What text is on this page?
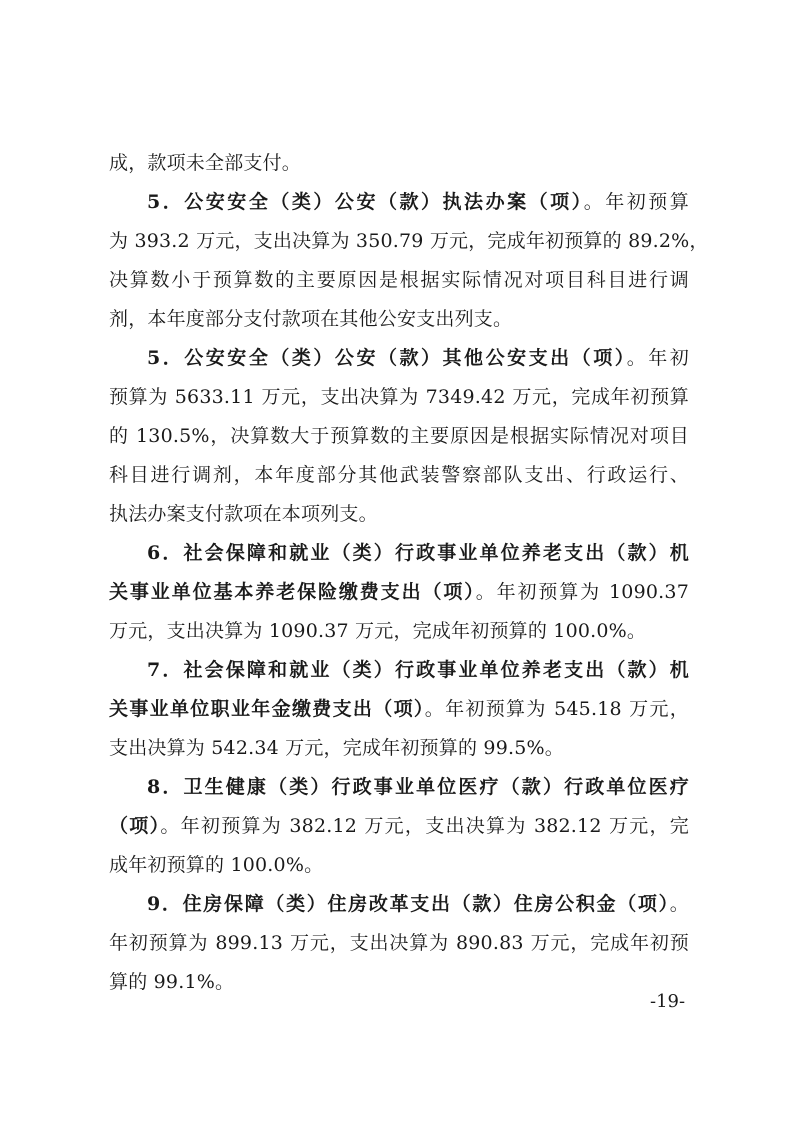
成，款项未全部支付。
5．公安安全（类）公安（款）执法办案（项）。年初预算
为 393.2 万元，支出决算为 350.79 万元，完成年初预算的 89.2%，
决算数小于预算数的主要原因是根据实际情况对项目科目进行调
剂，本年度部分支付款项在其他公安支出列支。
5．公安安全（类）公安（款）其他公安支出（项）。年初
预算为 5633.11 万元，支出决算为 7349.42 万元，完成年初预算
的 130.5%，决算数大于预算数的主要原因是根据实际情况对项目
科目进行调剂，本年度部分其他武装警察部队支出、行政运行、
执法办案支付款项在本项列支。
6．社会保障和就业（类）行政事业单位养老支出（款）机
关事业单位基本养老保险缴费支出（项）。年初预算为 1090.37
万元，支出决算为 1090.37 万元，完成年初预算的 100.0%。
7．社会保障和就业（类）行政事业单位养老支出（款）机
关事业单位职业年金缴费支出（项）。年初预算为 545.18 万元，
支出决算为 542.34 万元，完成年初预算的 99.5%。
8．卫生健康（类）行政事业单位医疗（款）行政单位医疗
（项）。年初预算为 382.12 万元，支出决算为 382.12 万元，完
成年初预算的 100.0%。
9．住房保障（类）住房改革支出（款）住房公积金（项）。
年初预算为 899.13 万元，支出决算为 890.83 万元，完成年初预
算的 99.1%。
-19-
